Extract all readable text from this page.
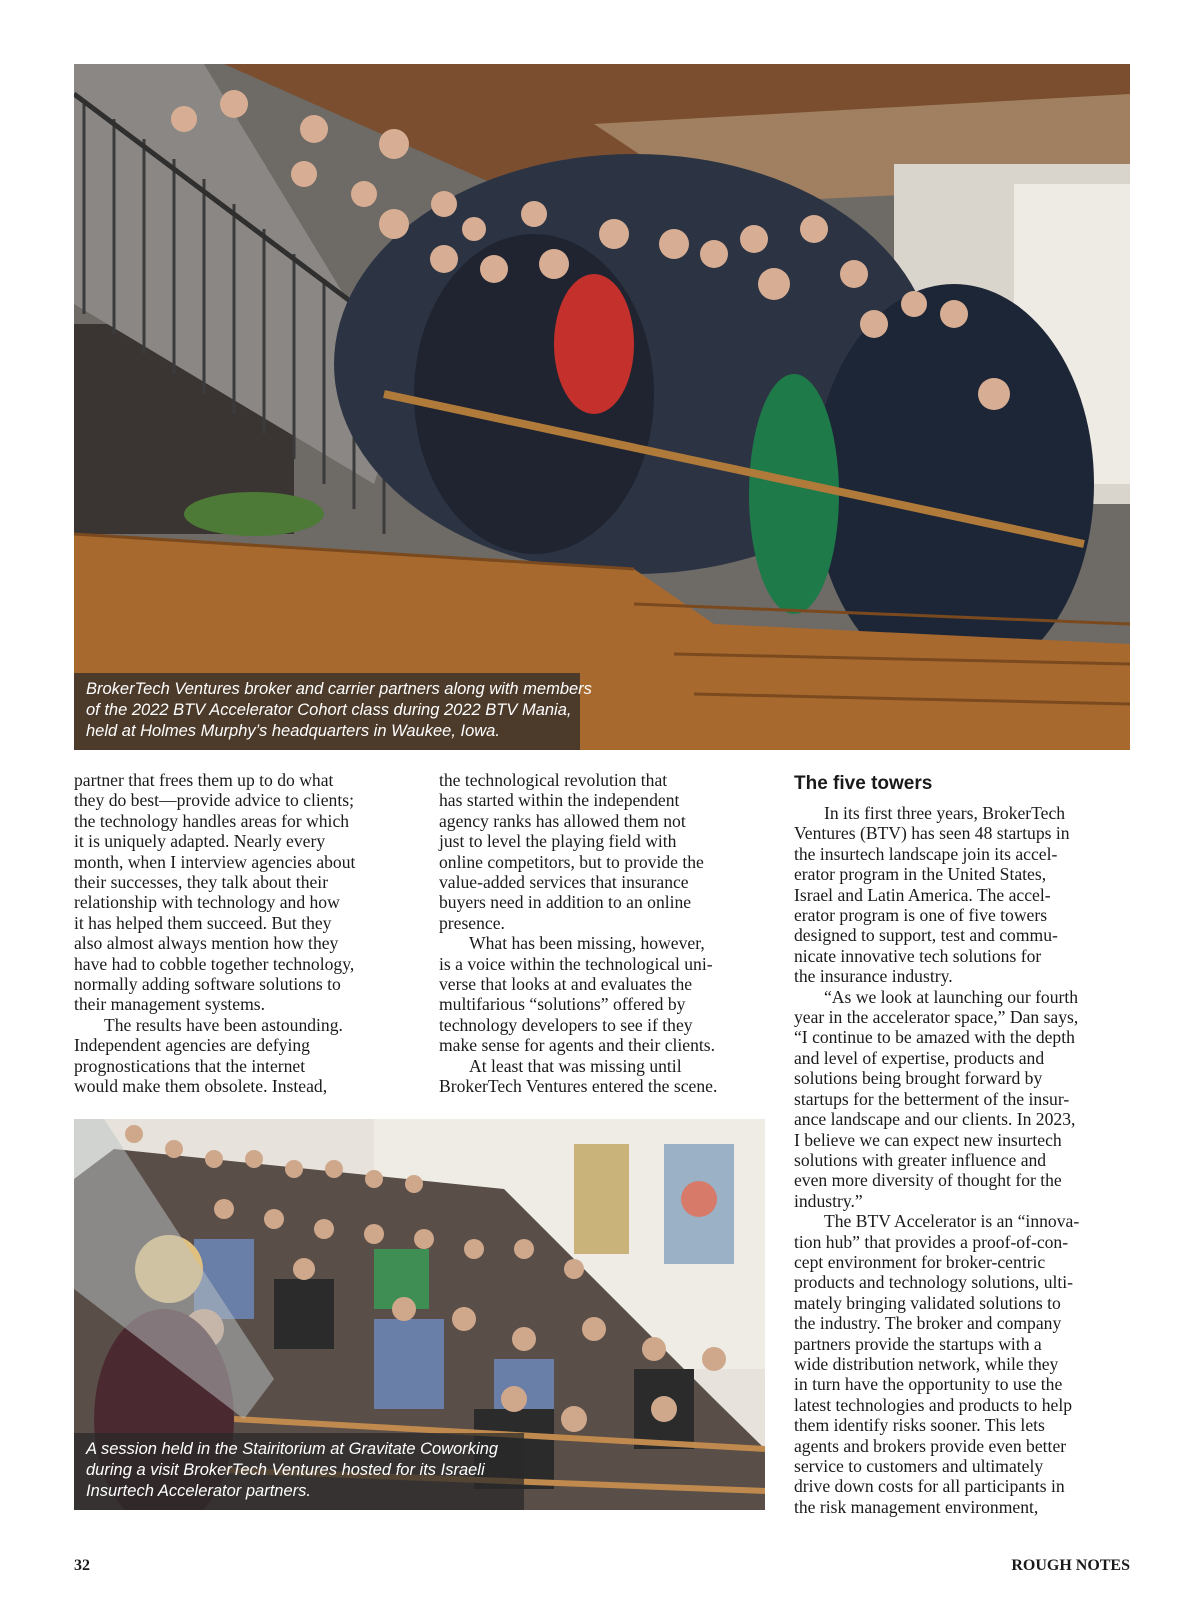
BrokerTech Ventures broker and carrier partners along with members
of the 2022 BTV Accelerator Cohort class during 2022 BTV Mania,
held at Holmes Murphy’s headquarters in Waukee, Iowa.
partner that frees them up to do what
they do best—provide advice to clients;
the technology handles areas for which
it is uniquely adapted. Nearly every
month, when I interview agencies about
their successes, they talk about their
relationship with technology and how
it has helped them succeed. But they
also almost always mention how they
have had to cobble together technology,
normally adding software solutions to
their management systems.
The results have been astounding.
Independent agencies are defying
prognostications that the internet
would make them obsolete. Instead,
the technological revolution that
has started within the independent
agency ranks has allowed them not
just to level the playing field with
online competitors, but to provide the
value-added services that insurance
buyers need in addition to an online
presence.
What has been missing, however,
is a voice within the technological uni-
verse that looks at and evaluates the
multifarious “solutions” offered by
technology developers to see if they
make sense for agents and their clients.
At least that was missing until
BrokerTech Ventures entered the scene.
The five towers
In its first three years, BrokerTech
Ventures (BTV) has seen 48 startups in
the insurtech landscape join its accel-
erator program in the United States,
Israel and Latin America. The accel-
erator program is one of five towers
designed to support, test and commu-
nicate innovative tech solutions for
the insurance industry.
“As we look at launching our fourth
year in the accelerator space,” Dan says,
“I continue to be amazed with the depth
and level of expertise, products and
solutions being brought forward by
startups for the betterment of the insur-
ance landscape and our clients. In 2023,
I believe we can expect new insurtech
solutions with greater influence and
even more diversity of thought for the
industry.”
The BTV Accelerator is an “innova-
tion hub” that provides a proof-of-con-
cept environment for broker-centric
products and technology solutions, ulti-
mately bringing validated solutions to
the industry. The broker and company
partners provide the startups with a
wide distribution network, while they
in turn have the opportunity to use the
latest technologies and products to help
them identify risks sooner. This lets
agents and brokers provide even better
service to customers and ultimately
drive down costs for all participants in
the risk management environment,
A session held in the Stairitorium at Gravitate Coworking
during a visit BrokerTech Ventures hosted for its Israeli
Insurtech Accelerator partners.
32	ROUGH NOTES
